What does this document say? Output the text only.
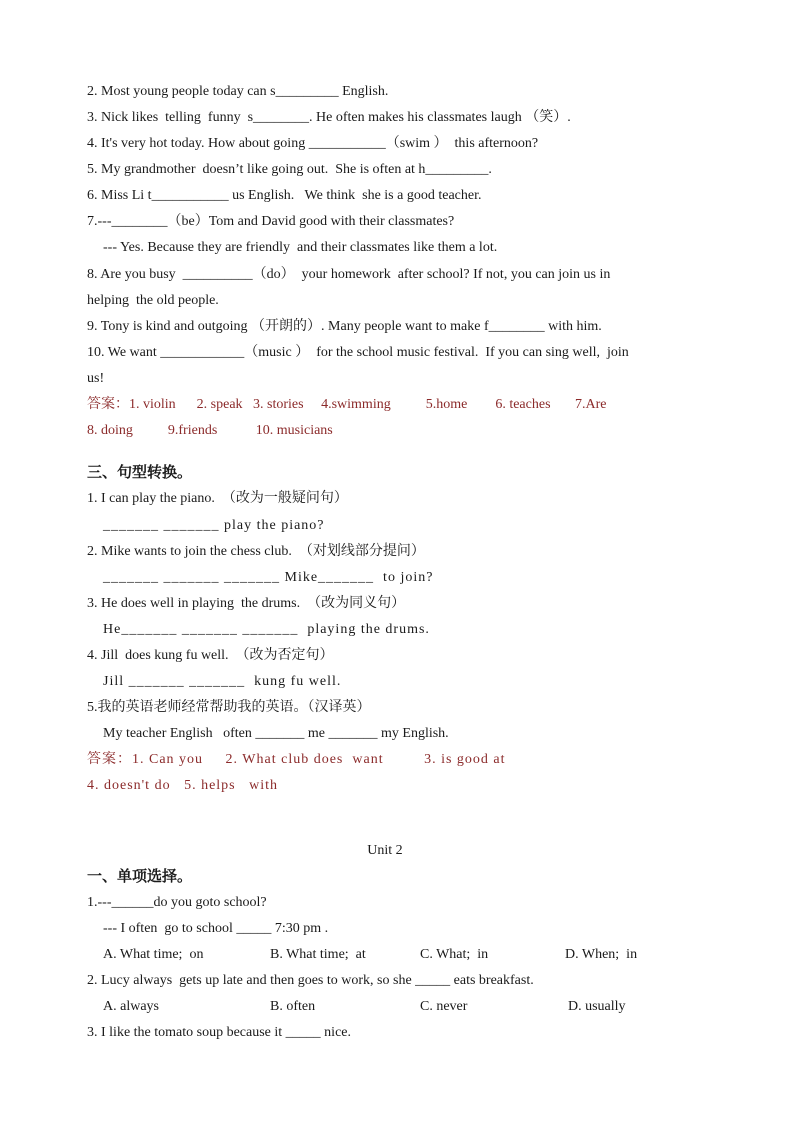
2. Most young people today can s_________ English.

3. Nick likes  telling  funny  s________. He often makes his classmates laugh （笑）.

4. It's very hot today. How about going ___________（swim ）  this afternoon?

5. My grandmother  doesn’t like going out.  She is often at h_________.

6. Miss Li t___________ us English.   We think  she is a good teacher.

7.---________（be）Tom and David good with their classmates?

--- Yes. Because they are friendly  and their classmates like them a lot.

8. Are you busy  __________（do）  your homework  after school? If not, you can join us in

helping  the old people.

9. Tony is kind and outgoing （开朗的）. Many people want to make f________ with him.

10. We want ____________（music ）  for the school music festival.  If you can sing well,  join

us!

答案：1. violin      2. speak   3. stories     4.swimming          5.home        6. teaches       7.Are

8. doing          9.friends           10. musicians

三、句型转换。

1. I can play the piano.  （改为一般疑问句）

_______ _______ play the piano?

2. Mike wants to join the chess club.  （对划线部分提问）

_______ _______ _______ Mike_______  to join?

3. He does well in playing  the drums.  （改为同义句）

He_______ _______ _______  playing the drums.

4. Jill  does kung fu well.  （改为否定句）

Jill _______ _______  kung fu well.

5.我的英语老师经常帮助我的英语。（汉译英）

My teacher English   often _______ me _______ my English.

答案：1. Can you     2. What club does  want         3. is good at

4. doesn't do   5. helps   with

Unit 2

一、单项选择。

1.---______do you goto school?

--- I often  go to school _____ 7:30 pm .

A. What time;  on	B. What time;  at	C. What;  in	D. When;  in

2. Lucy always  gets up late and then goes to work, so she _____ eats breakfast.

A. always	B. often	C. never	D. usually

3. I like the tomato soup because it _____ nice.
